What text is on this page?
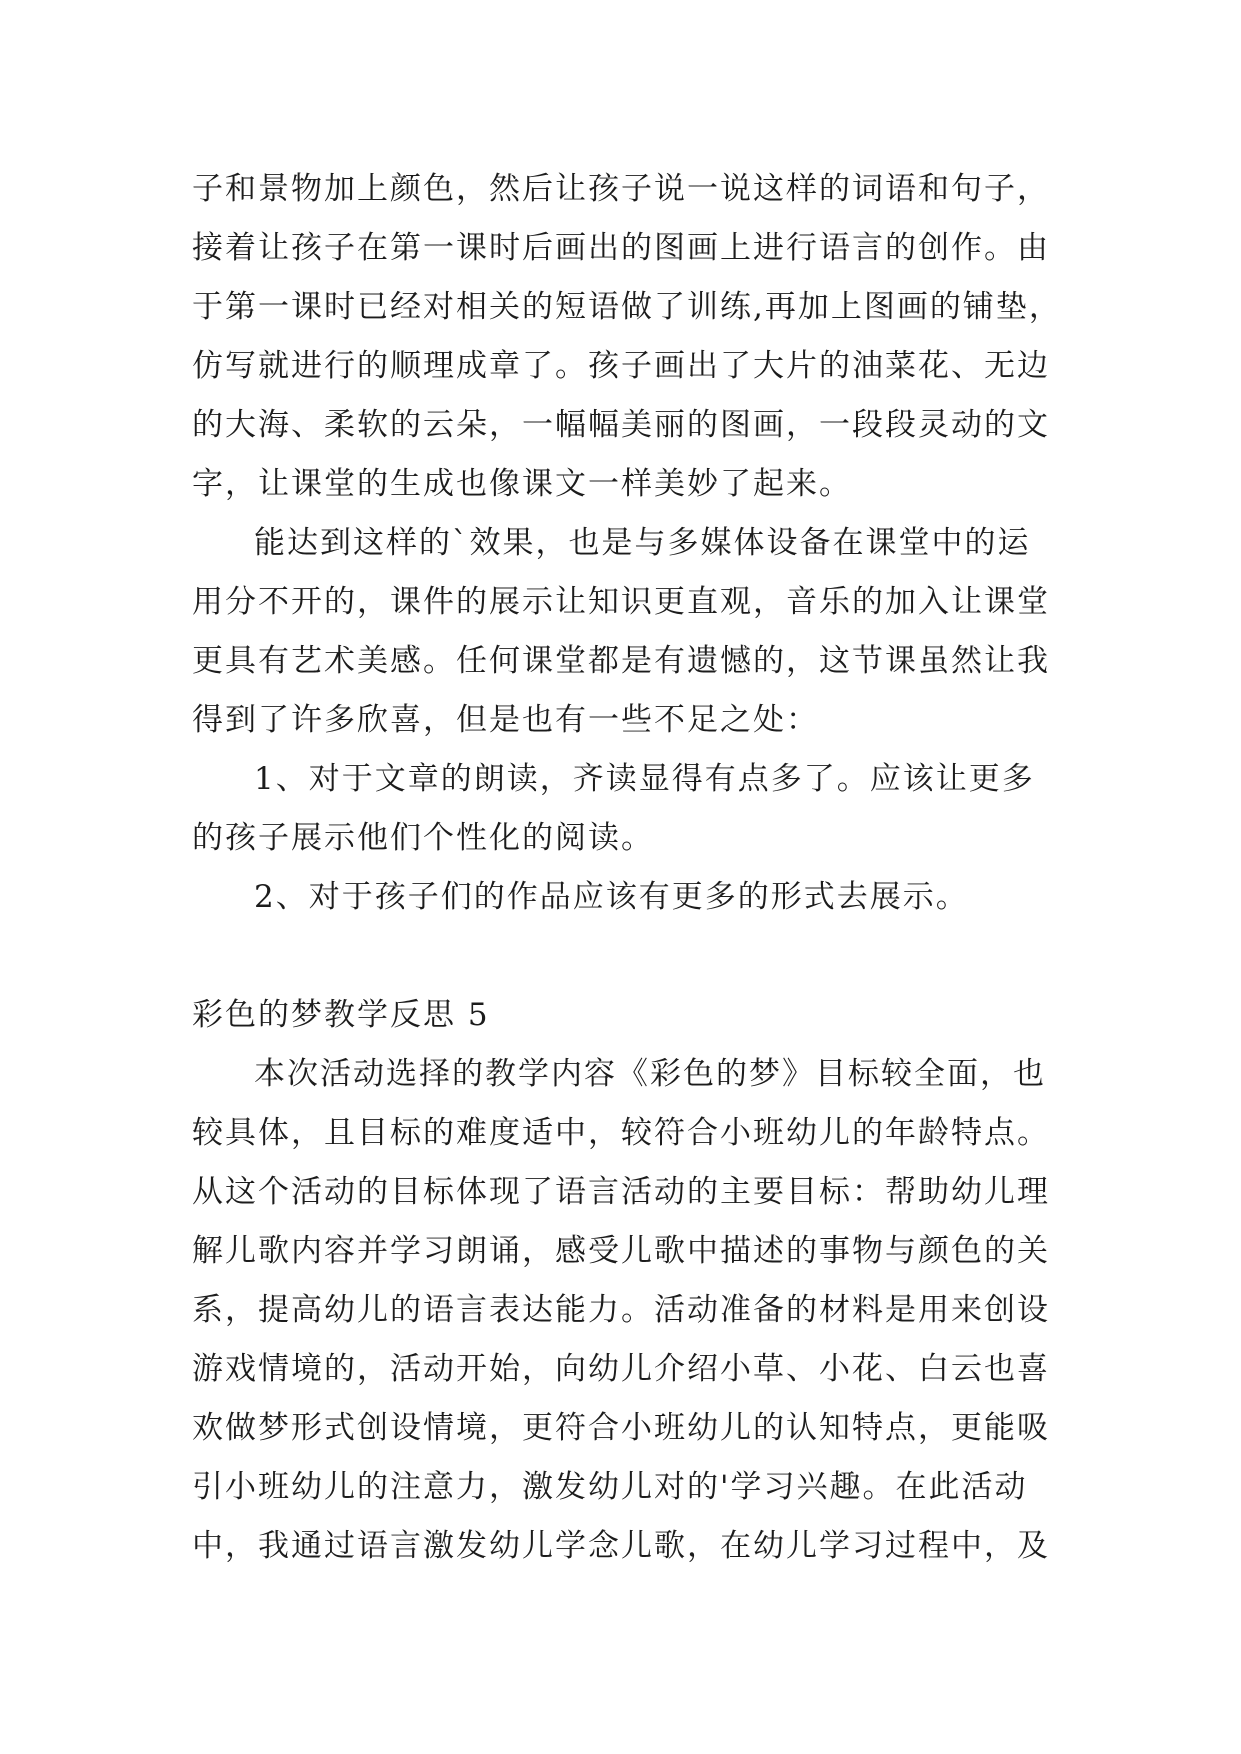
子和景物加上颜色，然后让孩子说一说这样的词语和句子，
接着让孩子在第一课时后画出的图画上进行语言的创作。由
于第一课时已经对相关的短语做了训练,再加上图画的铺垫，
仿写就进行的顺理成章了。孩子画出了大片的油菜花、无边
的大海、柔软的云朵，一幅幅美丽的图画，一段段灵动的文
字，让课堂的生成也像课文一样美妙了起来。
能达到这样的`效果，也是与多媒体设备在课堂中的运
用分不开的，课件的展示让知识更直观，音乐的加入让课堂
更具有艺术美感。任何课堂都是有遗憾的，这节课虽然让我
得到了许多欣喜，但是也有一些不足之处：
1、对于文章的朗读，齐读显得有点多了。应该让更多
的孩子展示他们个性化的阅读。
2、对于孩子们的作品应该有更多的形式去展示。
彩色的梦教学反思 5
本次活动选择的教学内容《彩色的梦》目标较全面，也
较具体，且目标的难度适中，较符合小班幼儿的年龄特点。
从这个活动的目标体现了语言活动的主要目标：帮助幼儿理
解儿歌内容并学习朗诵，感受儿歌中描述的事物与颜色的关
系，提高幼儿的语言表达能力。活动准备的材料是用来创设
游戏情境的，活动开始，向幼儿介绍小草、小花、白云也喜
欢做梦形式创设情境，更符合小班幼儿的认知特点，更能吸
引小班幼儿的注意力，激发幼儿对的'学习兴趣。在此活动
中，我通过语言激发幼儿学念儿歌，在幼儿学习过程中，及
